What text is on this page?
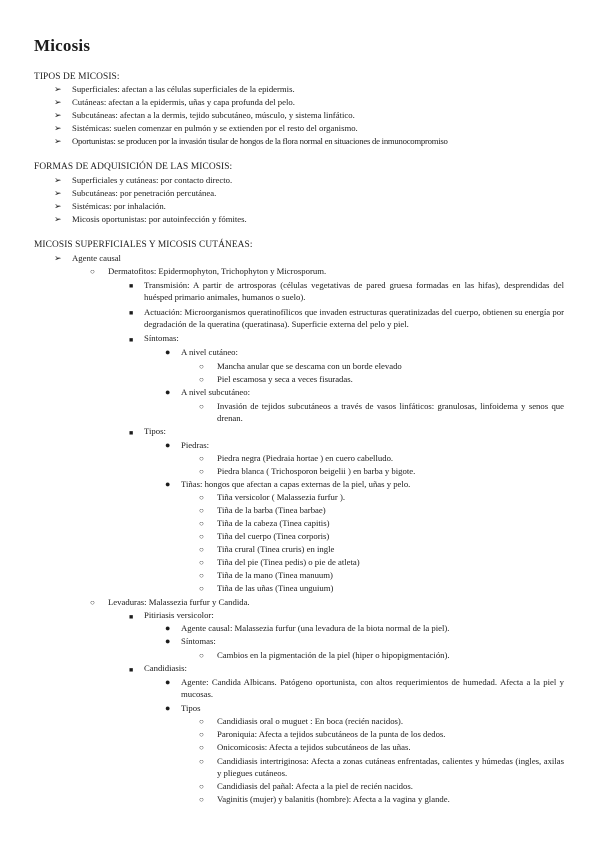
Micosis
TIPOS DE MICOSIS:
➢ Superficiales: afectan a las células superficiales de la epidermis.
➢ Cutáneas: afectan a la epidermis, uñas y capa profunda del pelo.
➢ Subcutáneas: afectan a la dermis, tejido subcutáneo, músculo, y sistema linfático.
➢ Sistémicas: suelen comenzar en pulmón y se extienden por el resto del organismo.
➢ Oportunistas: se producen por la invasión tisular de hongos de la flora normal en situaciones de inmunocompromiso
FORMAS DE ADQUISICIÓN DE LAS MICOSIS:
➢ Superficiales y cutáneas: por contacto directo.
➢ Subcutáneas: por penetración percutánea.
➢ Sistémicas: por inhalación.
➢ Micosis oportunistas: por autoinfección y fómites.
MICOSIS SUPERFICIALES Y MICOSIS CUTÁNEAS:
➢ Agente causal
○ Dermatofitos: Epidermophyton, Trichophyton y Microsporum.
■ Transmisión: A partir de artrosporas (células vegetativas de pared gruesa formadas en las hifas), desprendidas del huésped primario animales, humanos o suelo).
■ Actuación: Microorganismos queratinofílicos que invaden estructuras queratinizadas del cuerpo, obtienen su energía por degradación de la queratina (queratinasa). Superficie externa del pelo y piel.
■ Síntomas:
● A nivel cutáneo:
○ Mancha anular que se descama con un borde elevado
○ Piel escamosa y seca a veces fisuradas.
● A nivel subcutáneo:
○ Invasión de tejidos subcutáneos a través de vasos linfáticos: granulosas, linfoidema y senos que drenan.
■ Tipos:
● Piedras:
○ Piedra negra (Piedraia hortae ) en cuero cabelludo.
○ Piedra blanca ( Trichosporon beigelii ) en barba y bigote.
● Tiñas: hongos que afectan a capas externas de la piel, uñas y pelo.
○ Tiña versicolor ( Malassezia furfur ).
○ Tiña de la barba (Tinea barbae)
○ Tiña de la cabeza (Tinea capitis)
○ Tiña del cuerpo (Tinea corporis)
○ Tiña crural (Tinea cruris) en ingle
○ Tiña del pie (Tinea pedis) o pie de atleta)
○ Tiña de la mano (Tinea manuum)
○ Tiña de las uñas (Tinea unguium)
○ Levaduras: Malassezia furfur y Candida.
■ Pitiriasis versicolor:
● Agente causal: Malassezia furfur (una levadura de la biota normal de la piel).
● Síntomas:
○ Cambios en la pigmentación de la piel (hiper o hipopigmentación).
■ Candidiasis:
● Agente: Candida Albicans. Patógeno oportunista, con altos requerimientos de humedad. Afecta a la piel y mucosas.
● Tipos
○ Candidiasis oral o muguet : En boca (recién nacidos).
○ Paroniquia: Afecta a tejidos subcutáneos de la punta de los dedos.
○ Onicomicosis: Afecta a tejidos subcutáneos de las uñas.
○ Candidiasis intertriginosa: Afecta a zonas cutáneas enfrentadas, calientes y húmedas (ingles, axilas y pliegues cutáneos.
○ Candidiasis del pañal: Afecta a la piel de recién nacidos.
○ Vaginitis (mujer) y balanitis (hombre): Afecta a la vagina y glande.
